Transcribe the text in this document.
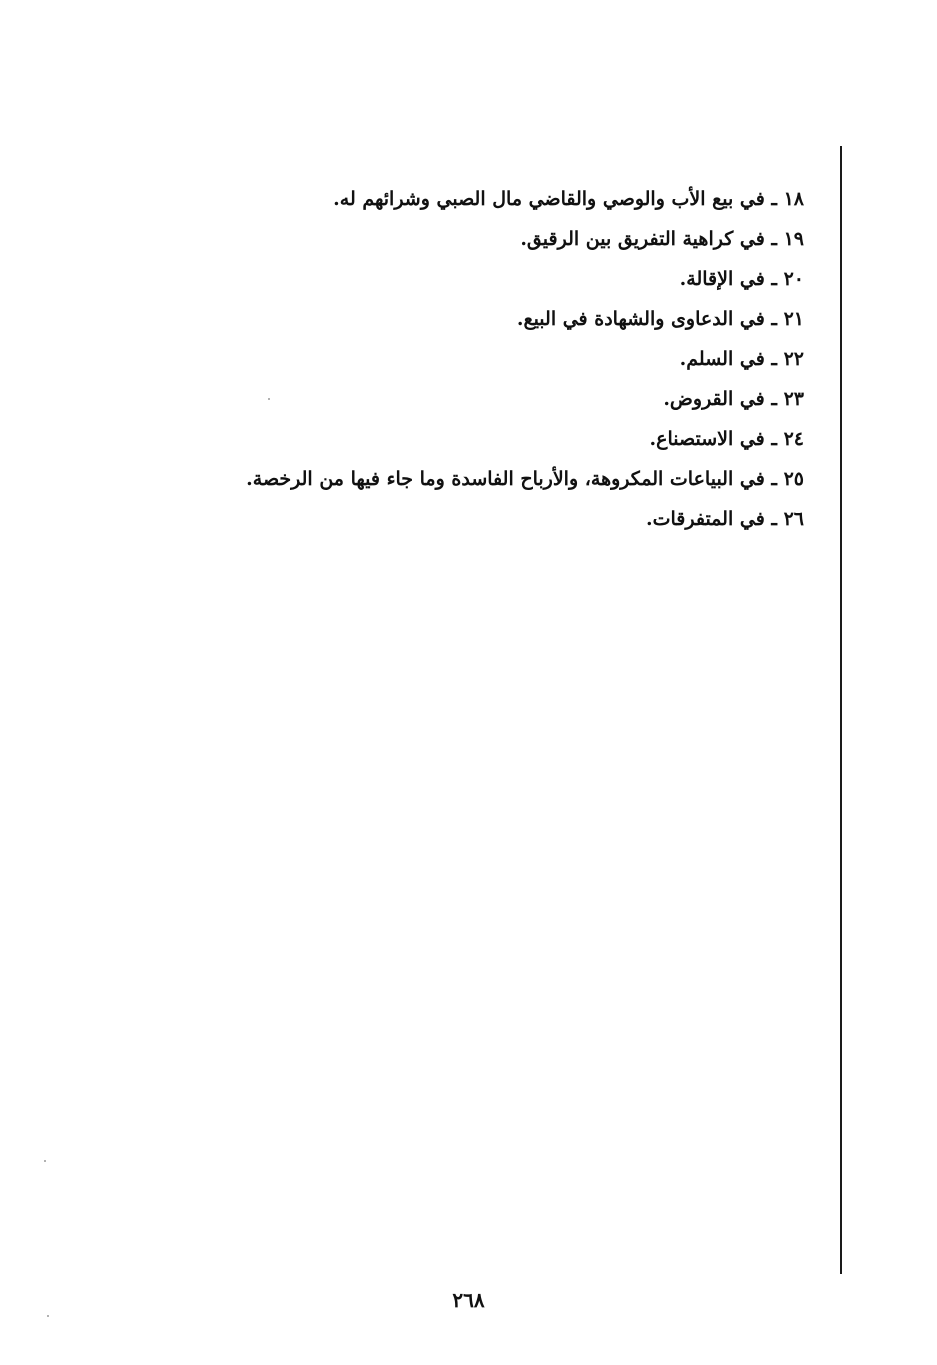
١٨ ـ في بيع الأب والوصي والقاضي مال الصبي وشرائهم له.
١٩ ـ في كراهية التفريق بين الرقيق.
٢٠ ـ في الإقالة.
٢١ ـ في الدعاوى والشهادة في البيع.
٢٢ ـ في السلم.
٢٣ ـ في القروض.
٢٤ ـ في الاستصناع.
٢٥ ـ في البياعات المكروهة، والأرباح الفاسدة وما جاء فيها من الرخصة.
٢٦ ـ في المتفرقات.
٢٦٨
